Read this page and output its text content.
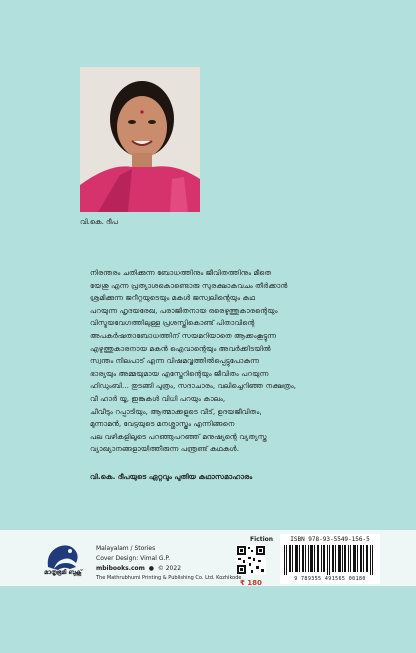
വി.കെ. ദീപ

നിരന്തരം ചതിക്കുന്ന ബോധത്തിനും ജീവിതത്തിനും മീതെ

യേശു എന്ന പ്രത്യാശകൊണ്ടൊരു സുരക്ഷാകവചം തീർക്കാൻ

ശ്രമിക്കുന്ന ജറീറ്റയുടെയും മകൾ ജസ്വലിന്റെയും കഥ

പറയുന്ന ഹൃദയരേഖ, പരാജിതനായ ഒരെഴുത്തുകാരന്റെയും

വിസ്മയവേഗത്തിലുള്ള പ്രശസ്തികൊണ്ട് പിതാവിന്റെ

അപകർഷതാബോധത്തിന് സയമറിയാതെ ആക്കംകൂട്ടുന്ന

എഴുത്തുകാരനായ മകൻ ഐവാന്റെയും അവർക്കിടയിൽ

സ്വന്തം നിലപാട് എന്ന വിഷമവൃത്തിൽപ്പെട്ടുപോകുന്ന

ഭാര്യയും അമ്മയുമായ എസ്തേറിന്റെയും ജീവിതം പറയുന്ന

ഹിഡുംബി... തുടങ്ങി പുത്രം, സദാചാരം, വലിച്ചെറിഞ്ഞ നക്ഷത്രം,

വീ ഹാർ യൂ, ഇങ്കുകൾ വിധി പറയും കാലം,

ചീവീടും റപ്പാടിയും, ആത്മാക്കളുടെ വീട്, ഉദയജീവിതം,

മുന്നാമൻ, വേട്ടയുടെ മനശ്ശാസ്ത്രം എന്നിങ്ങനെ

പല വഴികളിലൂടെ പറഞ്ഞുപറഞ്ഞ് മനുഷ്യന്റെ വ്യത്യസ്ത

വ്യാഖ്യാനങ്ങളായിത്തീരുന്ന പന്ത്രണ്ട് കഥകൾ.

വി.കെ. ദീപയുടെ ഏറ്റവും പുതിയ കഥാസമാഹാരം
മാതൃഭൂമി ബുക്സ്
Malayalam / Stories
Cover Design: Vimal G.P.
mbibooks.com ● © 2022
The Mathrubhumi Printing & Publishing Co. Ltd. Kozhikode
Fiction
₹ 180
ISBN 978-93-5549-156-5
9 789355 491565 00180
